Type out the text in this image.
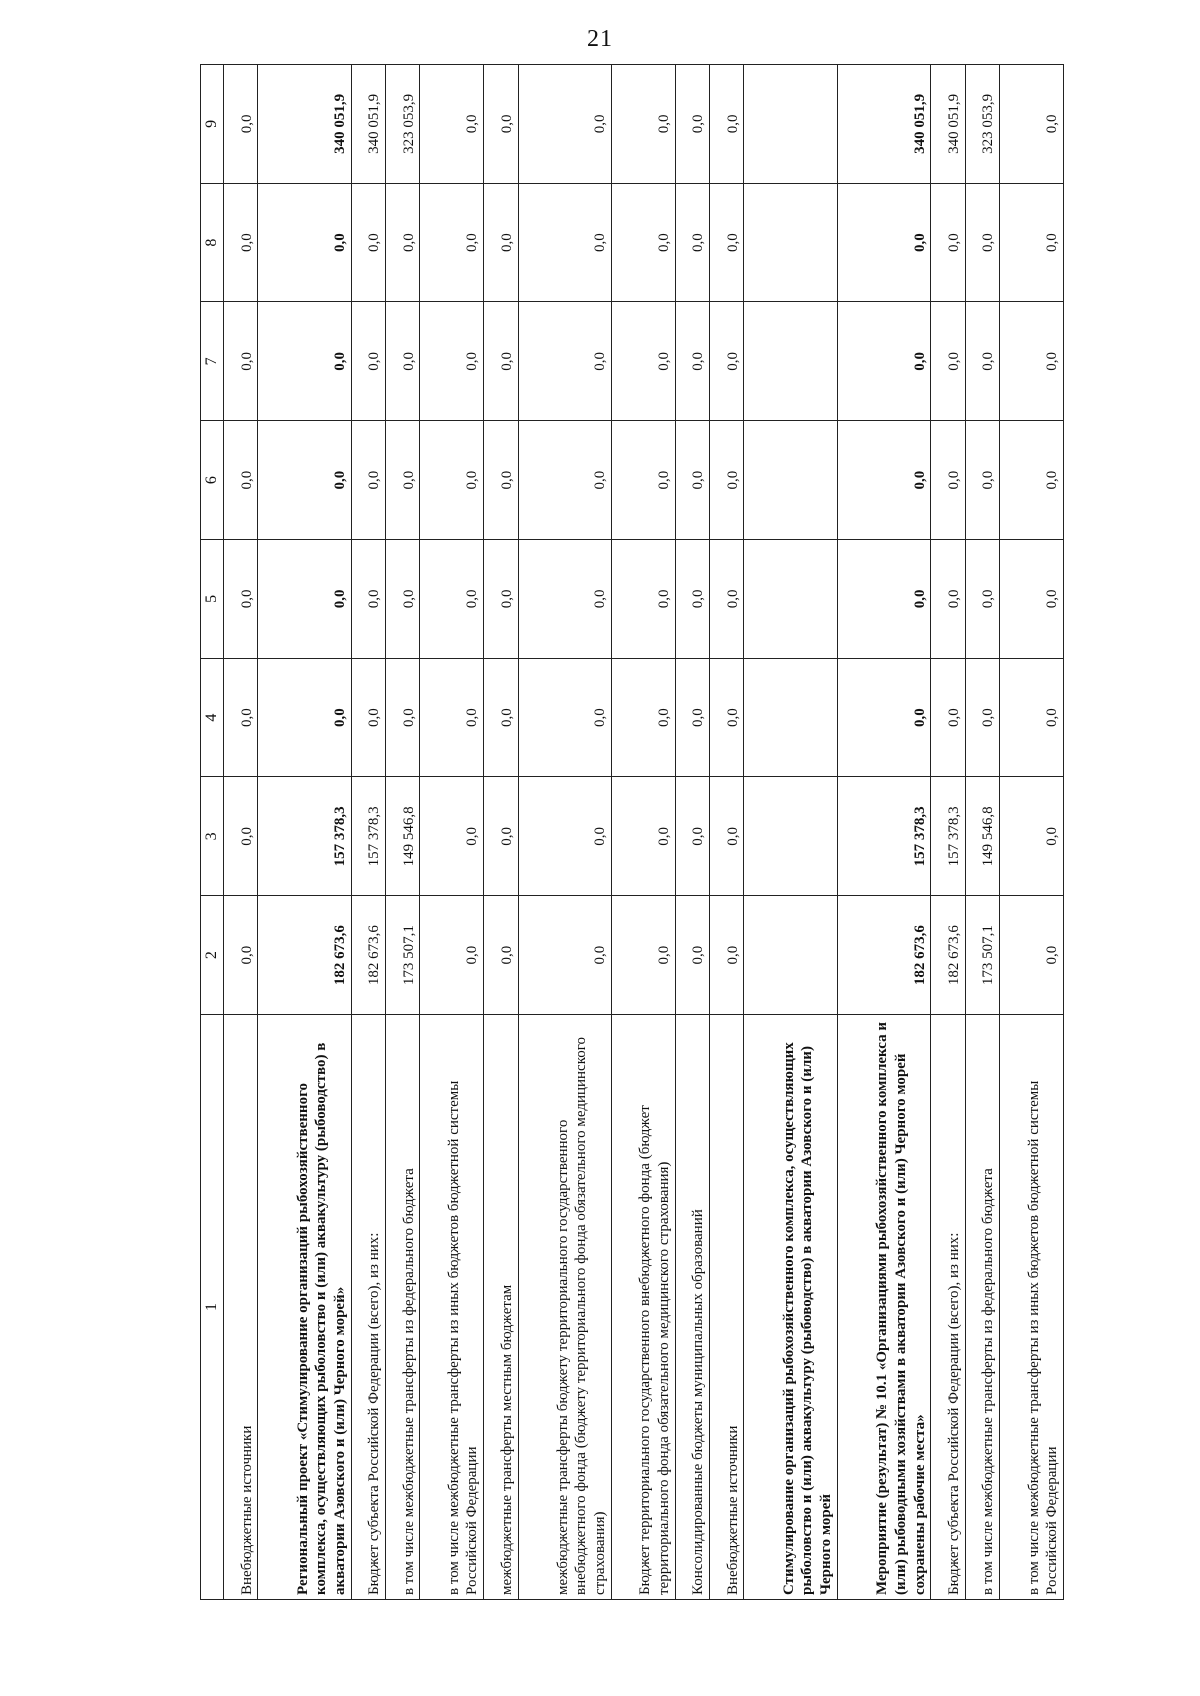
21
1	2	3	4	5	6	7	8	9
Внебюджетные источники	0,0	0,0	0,0	0,0	0,0	0,0	0,0	0,0
Региональный проект «Стимулирование организаций рыбохозяйственного комплекса, осуществляющих рыболовство и (или) аквакультуру (рыбоводство) в акватории Азовского и (или) Черного морей»	182 673,6	157 378,3	0,0	0,0	0,0	0,0	0,0	340 051,9
Бюджет субъекта Российской Федерации (всего), из них:	182 673,6	157 378,3	0,0	0,0	0,0	0,0	0,0	340 051,9
в том числе межбюджетные трансферты из федерального бюджета	173 507,1	149 546,8	0,0	0,0	0,0	0,0	0,0	323 053,9
в том числе межбюджетные трансферты из иных бюджетов бюджетной системы Российской Федерации	0,0	0,0	0,0	0,0	0,0	0,0	0,0	0,0
межбюджетные трансферты местным бюджетам	0,0	0,0	0,0	0,0	0,0	0,0	0,0	0,0
межбюджетные трансферты бюджету территориального государственного внебюджетного фонда (бюджету территориального фонда обязательного медицинского страхования)	0,0	0,0	0,0	0,0	0,0	0,0	0,0	0,0
Бюджет территориального государственного внебюджетного фонда (бюджет территориального фонда обязательного медицинского страхования)	0,0	0,0	0,0	0,0	0,0	0,0	0,0	0,0
Консолидированные бюджеты муниципальных образований	0,0	0,0	0,0	0,0	0,0	0,0	0,0	0,0
Внебюджетные источники	0,0	0,0	0,0	0,0	0,0	0,0	0,0	0,0
Стимулирование организаций рыбохозяйственного комплекса, осуществляющих рыболовство и (или) аквакультуру (рыбоводство) в акватории Азовского и (или) Черного морей								
Мероприятие (результат) № 10.1 «Организациями рыбохозяйственного комплекса и (или) рыбоводными хозяйствами в акватории Азовского и (или) Черного морей сохранены рабочие места»	182 673,6	157 378,3	0,0	0,0	0,0	0,0	0,0	340 051,9
Бюджет субъекта Российской Федерации (всего), из них:	182 673,6	157 378,3	0,0	0,0	0,0	0,0	0,0	340 051,9
в том числе межбюджетные трансферты из федерального бюджета	173 507,1	149 546,8	0,0	0,0	0,0	0,0	0,0	323 053,9
в том числе межбюджетные трансферты из иных бюджетов бюджетной системы Российской Федерации	0,0	0,0	0,0	0,0	0,0	0,0	0,0	0,0
